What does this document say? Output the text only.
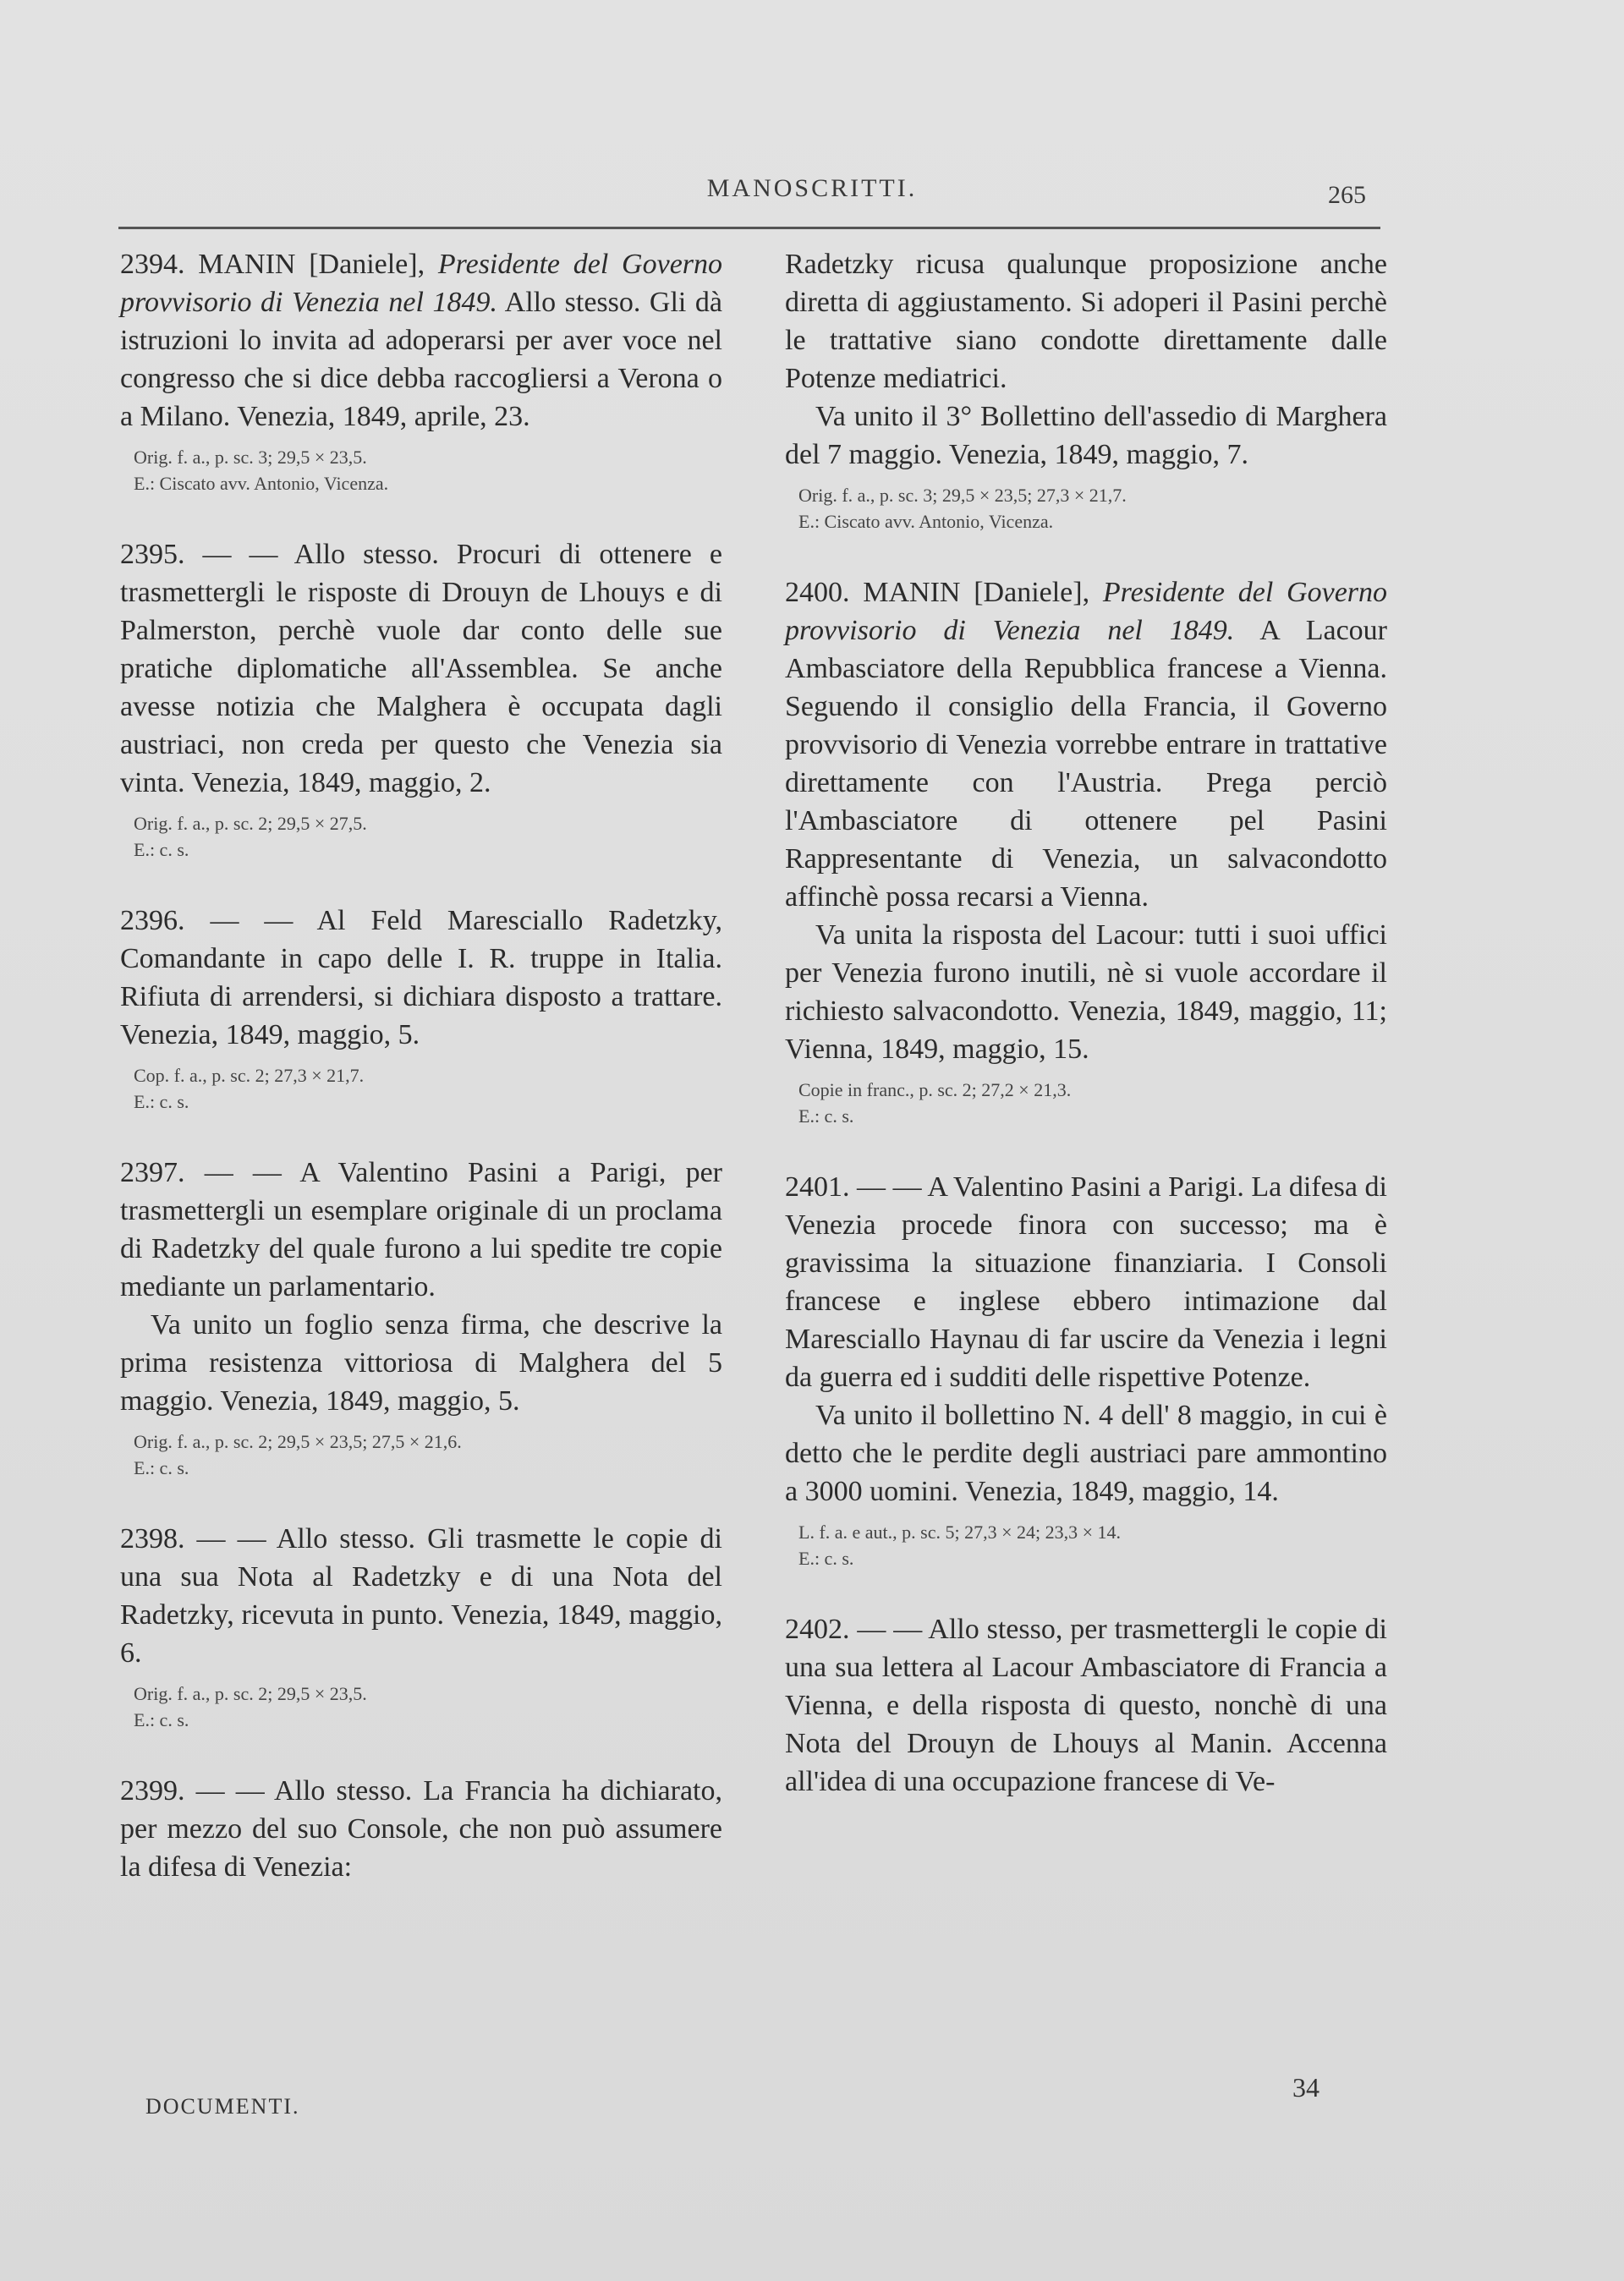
MANOSCRITTI.	265

2394. MANIN [Daniele], Presidente del Governo provvisorio di Venezia nel 1849. Allo stesso. Gli dà istruzioni lo invita ad adoperarsi per aver voce nel congresso che si dice debba raccogliersi a Verona o a Milano. Venezia, 1849, aprile, 23.

Orig. f. a., p. sc. 3; 29,5 × 23,5.
E.: Ciscato avv. Antonio, Vicenza.

2395. — — Allo stesso. Procuri di ottenere e trasmettergli le risposte di Drouyn de Lhouys e di Palmerston, perchè vuole dar conto delle sue pratiche diplomatiche all'Assemblea. Se anche avesse notizia che Malghera è occupata dagli austriaci, non creda per questo che Venezia sia vinta. Venezia, 1849, maggio, 2.

Orig. f. a., p. sc. 2; 29,5 × 27,5.
E.: c. s.

2396. — — Al Feld Maresciallo Radetzky, Comandante in capo delle I. R. truppe in Italia. Rifiuta di arrendersi, si dichiara disposto a trattare. Venezia, 1849, maggio, 5.

Cop. f. a., p. sc. 2; 27,3 × 21,7.
E.: c. s.

2397. — — A Valentino Pasini a Parigi, per trasmettergli un esemplare originale di un proclama di Radetzky del quale furono a lui spedite tre copie mediante un parlamentario.

Va unito un foglio senza firma, che descrive la prima resistenza vittoriosa di Malghera del 5 maggio. Venezia, 1849, maggio, 5.

Orig. f. a., p. sc. 2; 29,5 × 23,5; 27,5 × 21,6.
E.: c. s.

2398. — — Allo stesso. Gli trasmette le copie di una sua Nota al Radetzky e di una Nota del Radetzky, ricevuta in punto. Venezia, 1849, maggio, 6.

Orig. f. a., p. sc. 2; 29,5 × 23,5.
E.: c. s.

2399. — — Allo stesso. La Francia ha dichiarato, per mezzo del suo Console, che non può assumere la difesa di Venezia:

Radetzky ricusa qualunque proposizione anche diretta di aggiustamento. Si adoperi il Pasini perchè le trattative siano condotte direttamente dalle Potenze mediatrici.

Va unito il 3° Bollettino dell'assedio di Marghera del 7 maggio. Venezia, 1849, maggio, 7.

Orig. f. a., p. sc. 3; 29,5 × 23,5; 27,3 × 21,7.
E.: Ciscato avv. Antonio, Vicenza.

2400. MANIN [Daniele], Presidente del Governo provvisorio di Venezia nel 1849. A Lacour Ambasciatore della Repubblica francese a Vienna. Seguendo il consiglio della Francia, il Governo provvisorio di Venezia vorrebbe entrare in trattative direttamente con l'Austria. Prega perciò l'Ambasciatore di ottenere pel Pasini Rappresentante di Venezia, un salvacondotto affinchè possa recarsi a Vienna.

Va unita la risposta del Lacour: tutti i suoi uffici per Venezia furono inutili, nè si vuole accordare il richiesto salvacondotto. Venezia, 1849, maggio, 11; Vienna, 1849, maggio, 15.

Copie in franc., p. sc. 2; 27,2 × 21,3.
E.: c. s.

2401. — — A Valentino Pasini a Parigi. La difesa di Venezia procede finora con successo; ma è gravissima la situazione finanziaria. I Consoli francese e inglese ebbero intimazione dal Maresciallo Haynau di far uscire da Venezia i legni da guerra ed i sudditi delle rispettive Potenze.

Va unito il bollettino N. 4 dell' 8 maggio, in cui è detto che le perdite degli austriaci pare ammontino a 3000 uomini. Venezia, 1849, maggio, 14.

L. f. a. e aut., p. sc. 5; 27,3 × 24; 23,3 × 14.
E.: c. s.

2402. — — Allo stesso, per trasmettergli le copie di una sua lettera al Lacour Ambasciatore di Francia a Vienna, e della risposta di questo, nonchè di una Nota del Drouyn de Lhouys al Manin. Accenna all'idea di una occupazione francese di Ve-

DOCUMENTI.
34
